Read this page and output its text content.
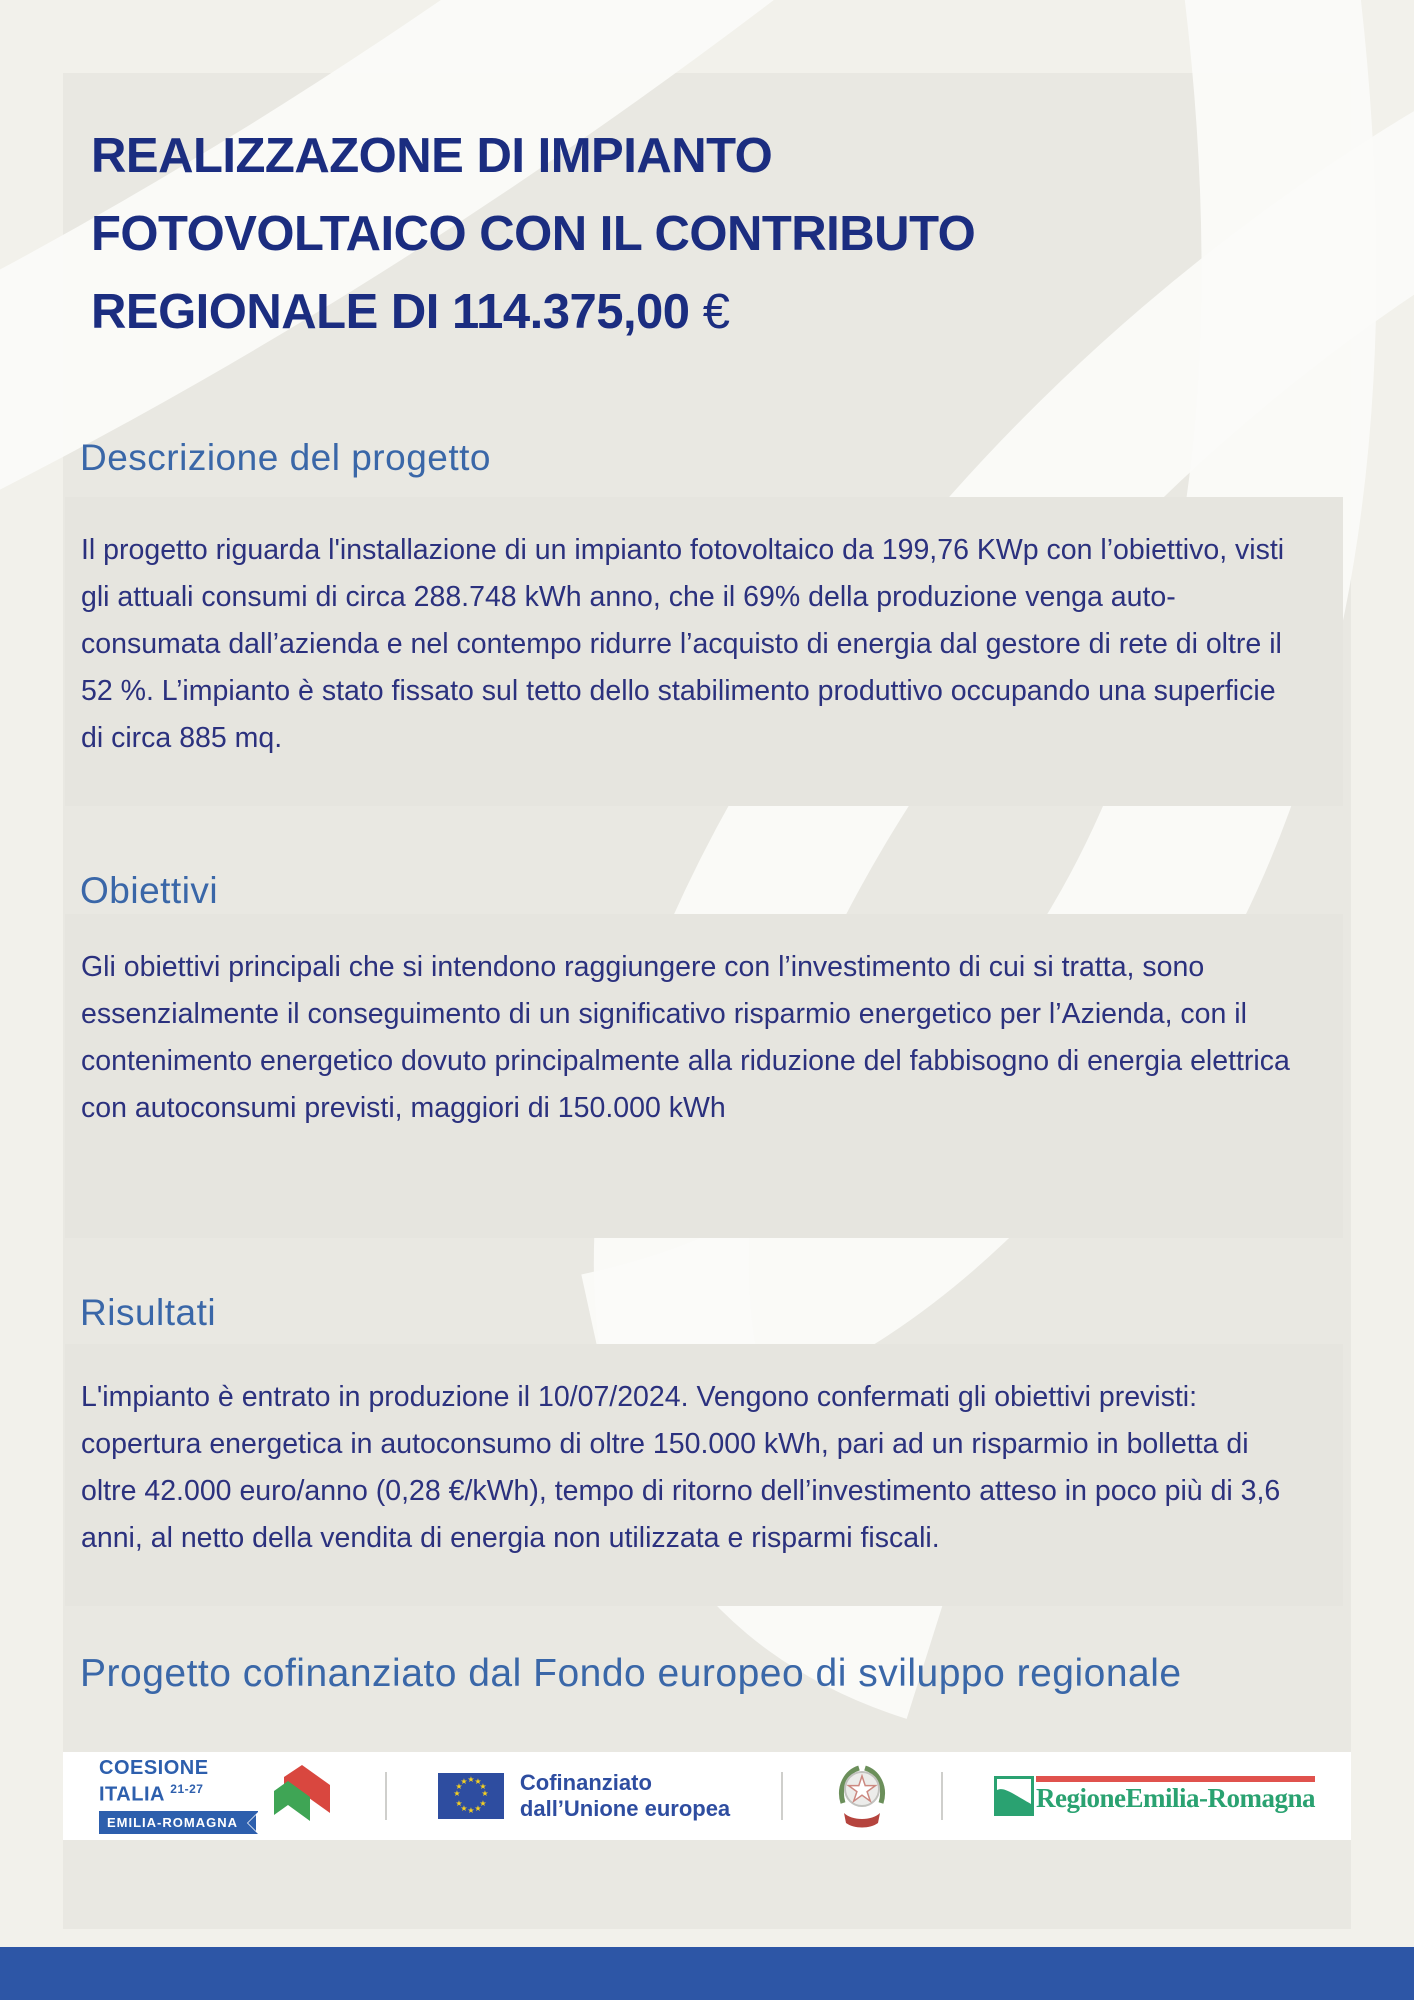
REALIZZAZONE DI IMPIANTO
FOTOVOLTAICO CON IL CONTRIBUTO
REGIONALE DI 114.375,00 €
Descrizione del progetto
Il progetto riguarda l'installazione di un impianto fotovoltaico da 199,76 KWp con l’obiettivo, visti gli attuali consumi di circa 288.748 kWh anno, che il 69% della produzione venga auto-consumata dall’azienda e nel contempo ridurre l’acquisto di energia dal gestore di rete di oltre il 52 %. L’impianto è stato fissato sul tetto dello stabilimento produttivo occupando una superficie di circa 885 mq.
Obiettivi
Gli obiettivi principali che si intendono raggiungere con l’investimento di cui si tratta, sono essenzialmente il conseguimento di un significativo risparmio energetico per l’Azienda, con il contenimento energetico dovuto principalmente alla riduzione del fabbisogno di energia elettrica con autoconsumi previsti, maggiori di 150.000 kWh
Risultati
L'impianto è entrato in produzione il 10/07/2024. Vengono confermati gli obiettivi previsti: copertura energetica in autoconsumo di oltre 150.000 kWh, pari ad un risparmio in bolletta di oltre 42.000 euro/anno (0,28 €/kWh), tempo di ritorno dell’investimento atteso in poco più di 3,6 anni, al netto della vendita di energia non utilizzata e risparmi fiscali.

Progetto cofinanziato dal Fondo europeo di sviluppo regionale

COESIONE
ITALIA $^{21-27}$
EMILIA-ROMAGNA
★ ★
★
★
★
★
★
★
★
★
★
★ Cofinanziato
dall’Unione europea	RegioneEmilia-Romagna
